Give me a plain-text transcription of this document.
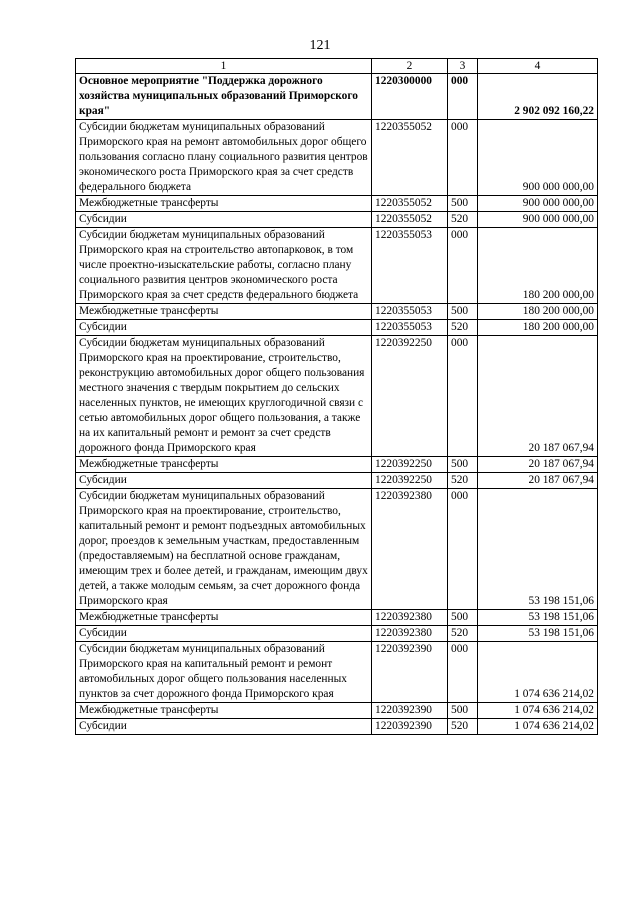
121
1	2	3	4
Основное мероприятие "Поддержка дорожного хозяйства муниципальных образований Приморского края"	1220300000	000	2 902 092 160,22
Субсидии бюджетам муниципальных образований Приморского края на ремонт автомобильных дорог общего пользования согласно плану социального развития центров экономического роста Приморского края за счет средств федерального бюджета	1220355052	000	900 000 000,00
Межбюджетные трансферты	1220355052	500	900 000 000,00
Субсидии	1220355052	520	900 000 000,00
Субсидии бюджетам муниципальных образований Приморского края на строительство автопарковок, в том числе проектно-изыскательские работы, согласно плану социального развития центров экономического роста Приморского края за счет средств федерального бюджета	1220355053	000	180 200 000,00
Межбюджетные трансферты	1220355053	500	180 200 000,00
Субсидии	1220355053	520	180 200 000,00
Субсидии бюджетам муниципальных образований Приморского края на проектирование, строительство, реконструкцию автомобильных дорог общего пользования местного значения с твердым покрытием до сельских населенных пунктов, не имеющих круглогодичной связи с сетью автомобильных дорог общего пользования, а также на их капитальный ремонт и ремонт за счет средств дорожного фонда Приморского края	1220392250	000	20 187 067,94
Межбюджетные трансферты	1220392250	500	20 187 067,94
Субсидии	1220392250	520	20 187 067,94
Субсидии бюджетам муниципальных образований Приморского края на проектирование, строительство, капитальный ремонт и ремонт подъездных автомобильных дорог, проездов к земельным участкам, предоставленным (предоставляемым) на бесплатной основе гражданам, имеющим трех и более детей, и гражданам, имеющим двух детей, а также молодым семьям, за счет дорожного фонда Приморского края	1220392380	000	53 198 151,06
Межбюджетные трансферты	1220392380	500	53 198 151,06
Субсидии	1220392380	520	53 198 151,06
Субсидии бюджетам муниципальных образований Приморского края на капитальный ремонт и ремонт автомобильных дорог общего пользования населенных пунктов за счет дорожного фонда Приморского края	1220392390	000	1 074 636 214,02
Межбюджетные трансферты	1220392390	500	1 074 636 214,02
Субсидии	1220392390	520	1 074 636 214,02
